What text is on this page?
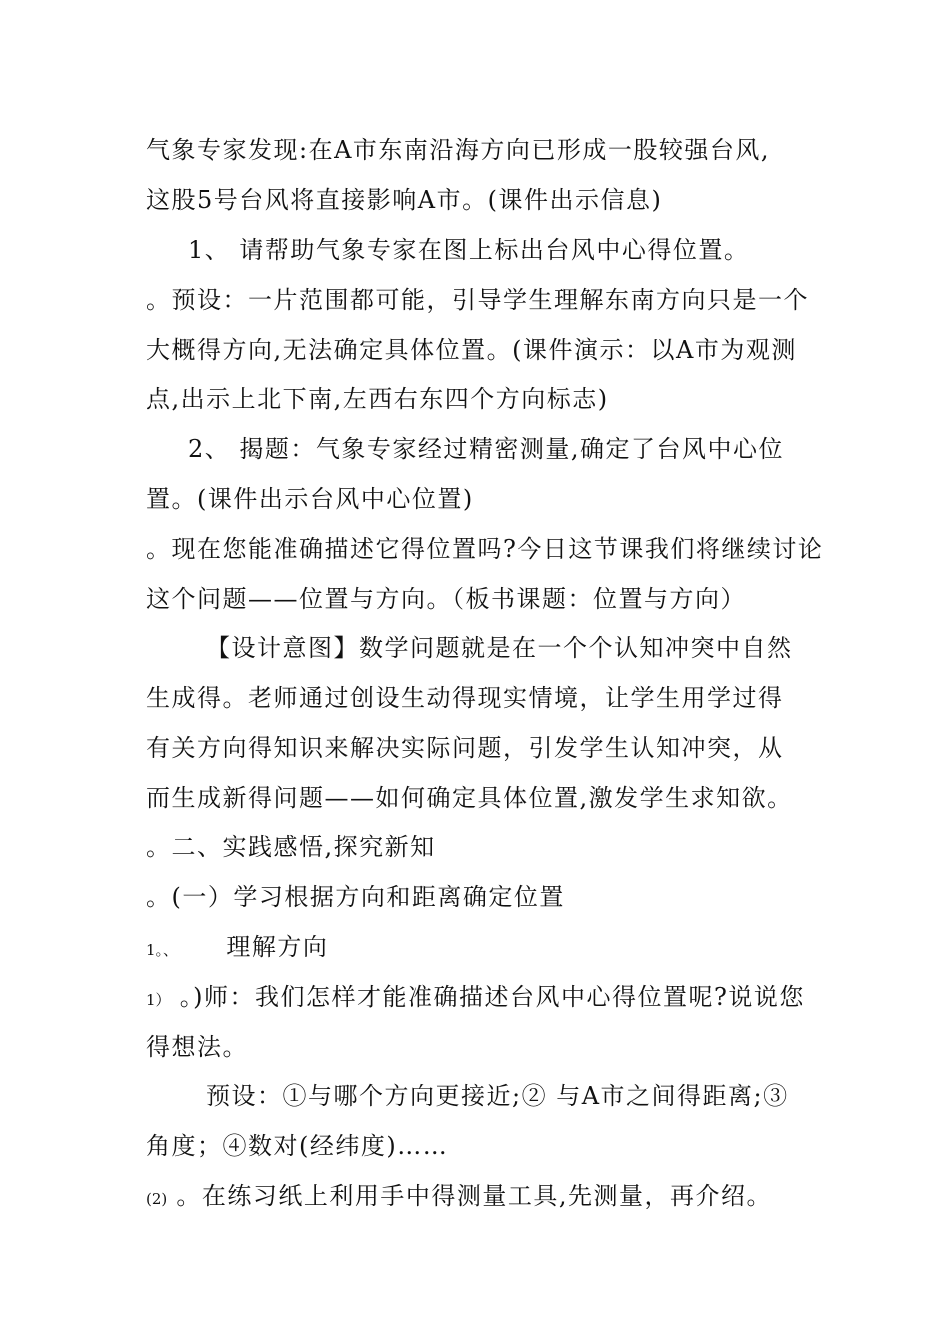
气象专家发现:在A市东南沿海方向已形成一股较强台风,
这股5号台风将直接影响A市。(课件出示信息)
1、 请帮助气象专家在图上标出台风中心得位置。
。预设：一片范围都可能，引导学生理解东南方向只是一个
大概得方向,无法确定具体位置。(课件演示：以A市为观测
点,出示上北下南,左西右东四个方向标志)
2、 揭题：气象专家经过精密测量,确定了台风中心位
置。(课件出示台风中心位置)
。现在您能准确描述它得位置吗?今日这节课我们将继续讨论
这个问题——位置与方向。（板书课题：位置与方向）
【设计意图】数学问题就是在一个个认知冲突中自然
生成得。老师通过创设生动得现实情境，让学生用学过得
有关方向得知识来解决实际问题，引发学生认知冲突，从
而生成新得问题——如何确定具体位置,激发学生求知欲。
。二、实践感悟,探究新知
。(一）学习根据方向和距离确定位置
1。、 理解方向
1） 。)师：我们怎样才能准确描述台风中心得位置呢?说说您
得想法。
预设：①与哪个方向更接近;② 与A市之间得距离;③
角度；④数对(经纬度)……
(2) 。在练习纸上利用手中得测量工具,先测量，再介绍。
